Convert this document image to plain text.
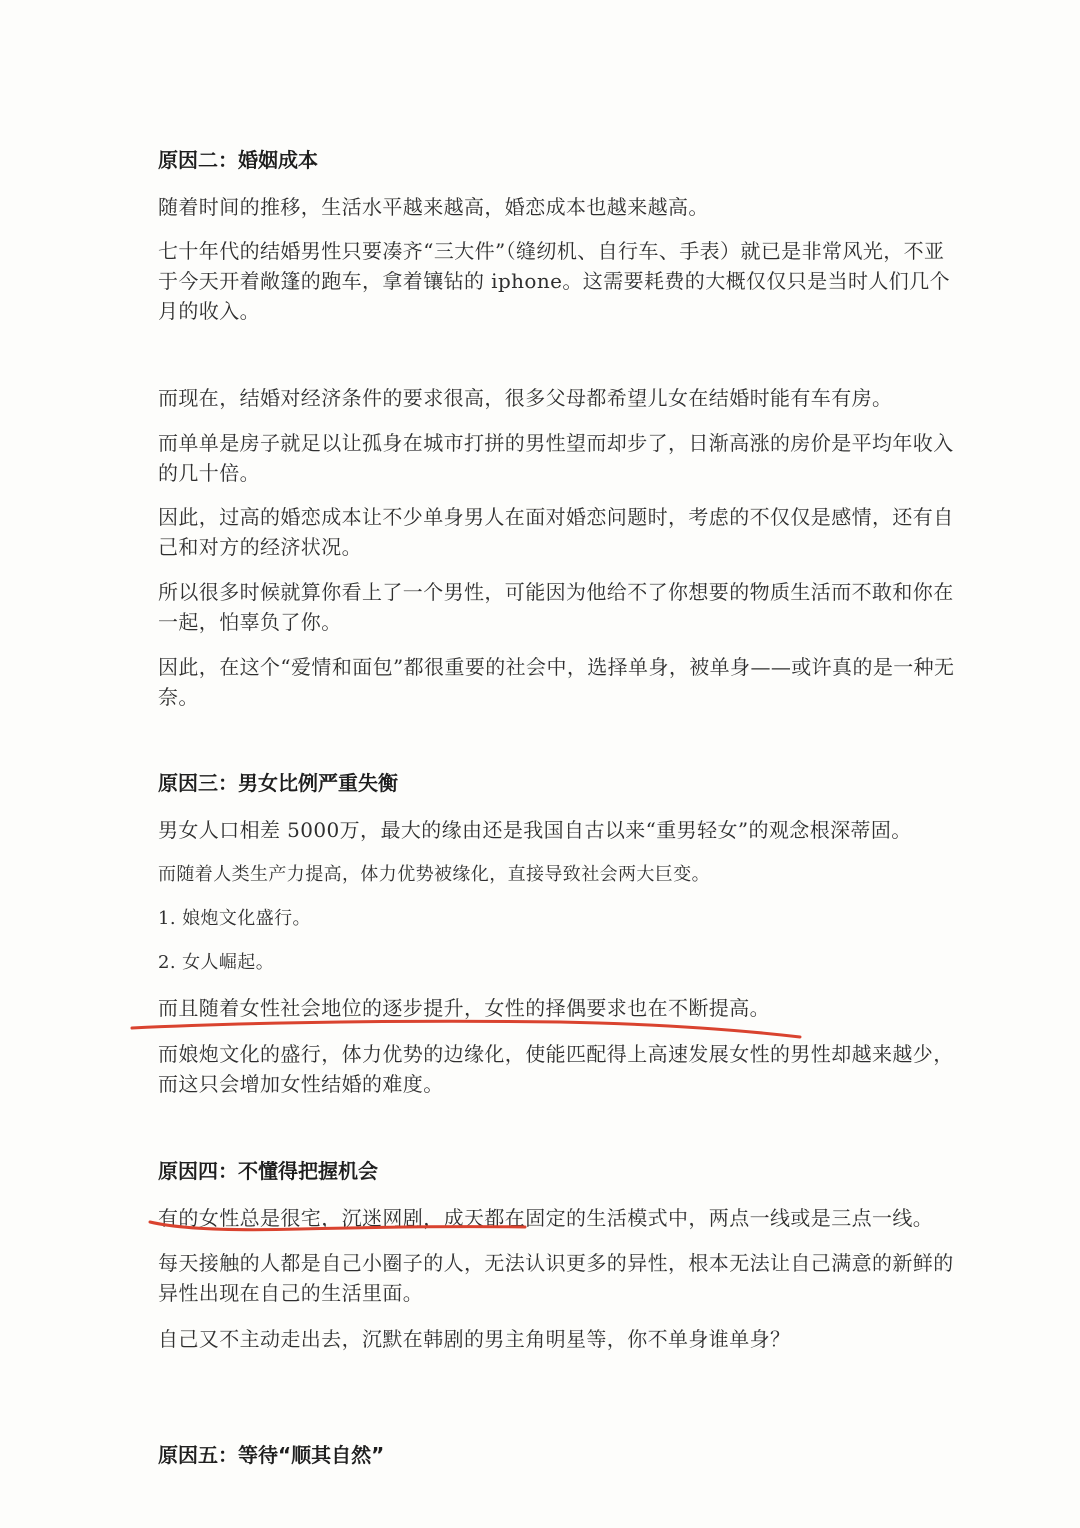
原因二：婚姻成本
随着时间的推移，生活水平越来越高，婚恋成本也越来越高。
七十年代的结婚男性只要凑齐“三大件”（缝纫机、自行车、手表）就已是非常风光，不亚于今天开着敞篷的跑车，拿着镶钻的 iphone。这需要耗费的大概仅仅只是当时人们几个月的收入。
而现在，结婚对经济条件的要求很高，很多父母都希望儿女在结婚时能有车有房。
而单单是房子就足以让孤身在城市打拼的男性望而却步了，日渐高涨的房价是平均年收入的几十倍。
因此，过高的婚恋成本让不少单身男人在面对婚恋问题时，考虑的不仅仅是感情，还有自己和对方的经济状况。
所以很多时候就算你看上了一个男性，可能因为他给不了你想要的物质生活而不敢和你在一起，怕辜负了你。
因此，在这个“爱情和面包”都很重要的社会中，选择单身，被单身——或许真的是一种无奈。
原因三：男女比例严重失衡
男女人口相差 5000万，最大的缘由还是我国自古以来“重男轻女”的观念根深蒂固。
而随着人类生产力提高，体力优势被缘化，直接导致社会两大巨变。
1. 娘炮文化盛行。
2. 女人崛起。
而且随着女性社会地位的逐步提升，女性的择偶要求也在不断提高。
而娘炮文化的盛行，体力优势的边缘化，使能匹配得上高速发展女性的男性却越来越少，而这只会增加女性结婚的难度。
原因四：不懂得把握机会
有的女性总是很宅，沉迷网剧，成天都在固定的生活模式中，两点一线或是三点一线。
每天接触的人都是自己小圈子的人，无法认识更多的异性，根本无法让自己满意的新鲜的异性出现在自己的生活里面。
自己又不主动走出去，沉默在韩剧的男主角明星等，你不单身谁单身？
原因五：等待“顺其自然”
